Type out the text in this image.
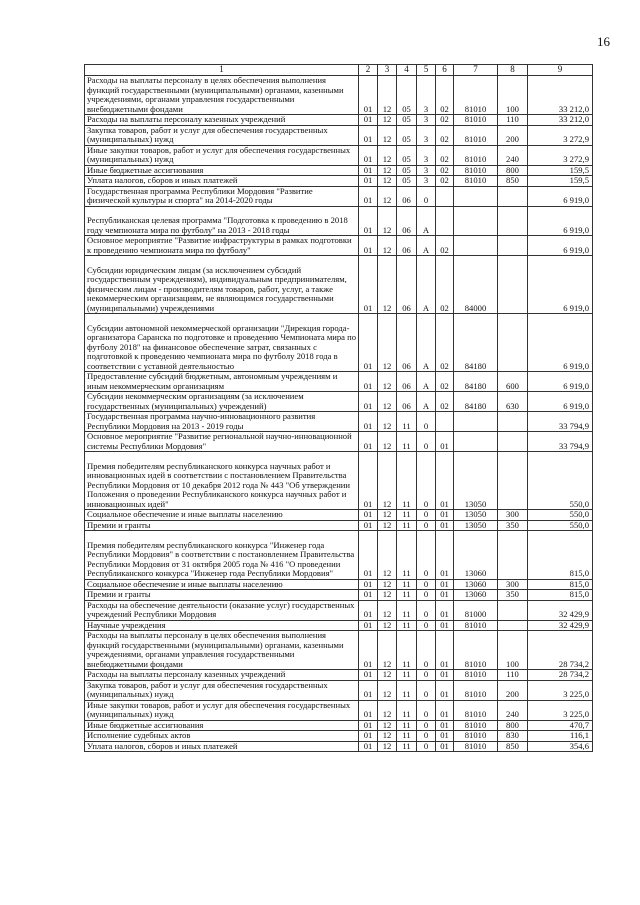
16
1	2	3	4	5	6	7	8	9
Расходы на выплаты персоналу в целях обеспечения выполнения функций государственными (муниципальными) органами, казенными учреждениями, органами управления государственными внебюджетными фондами	01	12	05	3	02	81010	100	33 212,0
Расходы на выплаты персоналу казенных учреждений	01	12	05	3	02	81010	110	33 212,0
Закупка товаров, работ и услуг для обеспечения государственных (муниципальных) нужд	01	12	05	3	02	81010	200	3 272,9
Иные закупки товаров, работ и услуг для обеспечения государственных (муниципальных) нужд	01	12	05	3	02	81010	240	3 272,9
Иные бюджетные ассигнования	01	12	05	3	02	81010	800	159,5
Уплата налогов, сборов и иных платежей	01	12	05	3	02	81010	850	159,5
Государственная программа Республики Мордовия "Развитие физической культуры и спорта" на 2014-2020 годы	01	12	06	0				6 919,0
Республиканская целевая программа "Подготовка к проведению в 2018 году чемпионата мира по футболу" на 2013 - 2018 годы	01	12	06	А				6 919,0
Основное мероприятие "Развитие инфраструктуры в рамках подготовки к проведению чемпионата мира по футболу"	01	12	06	А	02			6 919,0
Субсидии юридическим лицам (за исключением субсидий государственным учреждениям), индивидуальным предпринимателям, физическим лицам - производителям товаров, работ, услуг, а также некоммерческим организациям, не являющимся государственными (муниципальными) учреждениями	01	12	06	А	02	84000		6 919,0
Субсидии автономной некоммерческой организации "Дирекция города-организатора Саранска по подготовке и проведению Чемпионата мира по футболу 2018" на финансовое обеспечение затрат, связанных с подготовкой к проведению чемпионата мира по футболу 2018 года в соответствии с уставной деятельностью	01	12	06	А	02	84180		6 919,0
Предоставление субсидий бюджетным, автономным учреждениям и иным некоммерческим организациям	01	12	06	А	02	84180	600	6 919,0
Субсидии некоммерческим организациям (за исключением государственных (муниципальных) учреждений)	01	12	06	А	02	84180	630	6 919,0
Государственная программа научно-инновационного развития Республики Мордовия на 2013 - 2019 годы	01	12	11	0				33 794,9
Основное мероприятие "Развитие региональной научно-инновационной системы Республики Мордовия"	01	12	11	0	01			33 794,9
Премия победителям республиканского конкурса научных работ и инновационных идей в соответствии с постановлением Правительства Республики Мордовия от 10 декабря 2012 года № 443 "Об утверждении Положения о проведении Республиканского конкурса научных работ и инновационных идей"	01	12	11	0	01	13050		550,0
Социальное обеспечение и иные выплаты населению	01	12	11	0	01	13050	300	550,0
Премии и гранты	01	12	11	0	01	13050	350	550,0
Премия победителям республиканского конкурса "Инженер года Республики Мордовия" в соответствии с постановлением Правительства Республики Мордовия от 31 октября 2005 года № 416 "О проведении Республиканского конкурса "Инженер года Республики Мордовия"	01	12	11	0	01	13060		815,0
Социальное обеспечение и иные выплаты населению	01	12	11	0	01	13060	300	815,0
Премии и гранты	01	12	11	0	01	13060	350	815,0
Расходы на обеспечение деятельности (оказание услуг) государственных учреждений Республики Мордовия	01	12	11	0	01	81000		32 429,9
Научные учреждения	01	12	11	0	01	81010		32 429,9
Расходы на выплаты персоналу в целях обеспечения выполнения функций государственными (муниципальными) органами, казенными учреждениями, органами управления государственными внебюджетными фондами	01	12	11	0	01	81010	100	28 734,2
Расходы на выплаты персоналу казенных учреждений	01	12	11	0	01	81010	110	28 734,2
Закупка товаров, работ и услуг для обеспечения государственных (муниципальных) нужд	01	12	11	0	01	81010	200	3 225,0
Иные закупки товаров, работ и услуг для обеспечения государственных (муниципальных) нужд	01	12	11	0	01	81010	240	3 225,0
Иные бюджетные ассигнования	01	12	11	0	01	81010	800	470,7
Исполнение судебных актов	01	12	11	0	01	81010	830	116,1
Уплата налогов, сборов и иных платежей	01	12	11	0	01	81010	850	354,6
